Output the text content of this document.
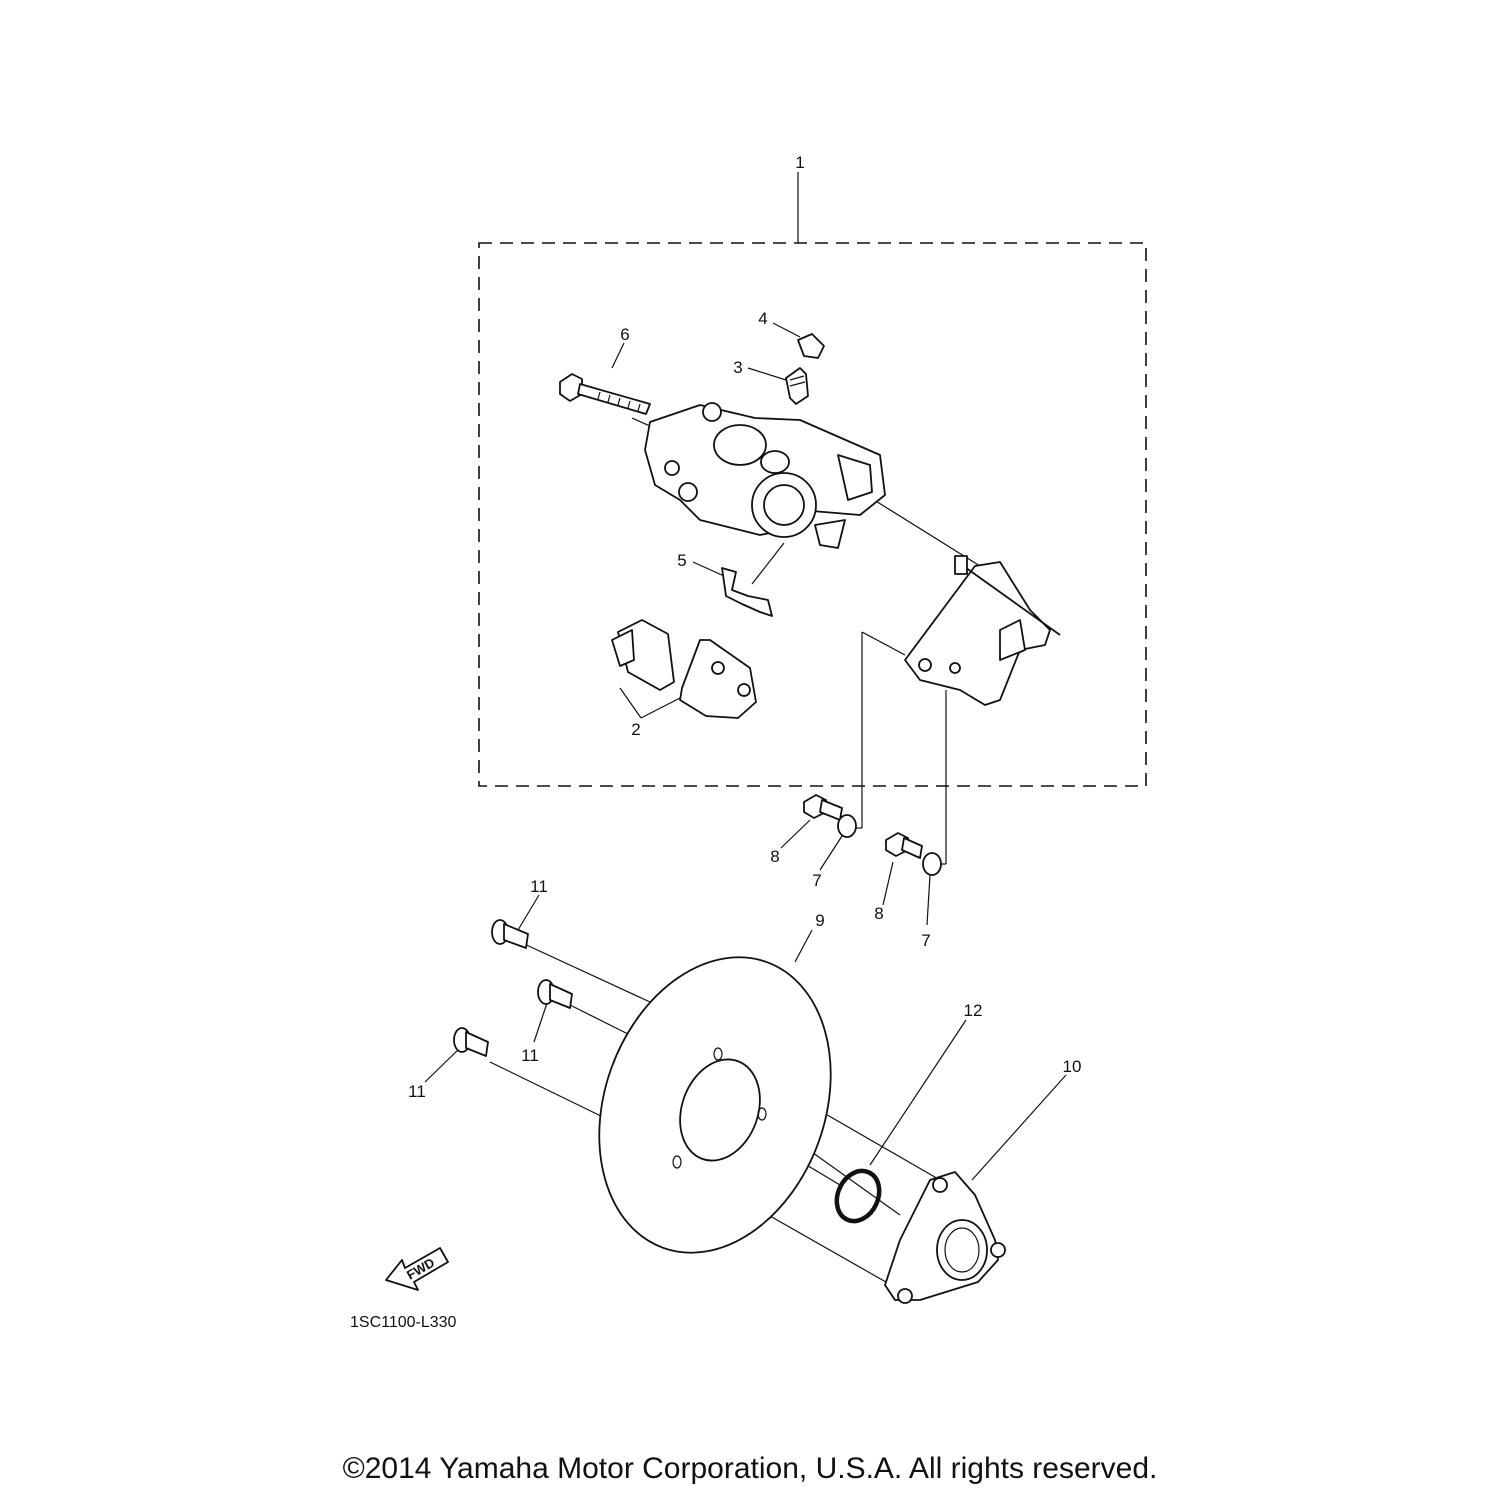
FWD
1
4
3
6
5
2
8
7
8
7
11
9
12
11
10
11
1SC1100-L330
©2014 Yamaha Motor Corporation, U.S.A. All rights reserved.
